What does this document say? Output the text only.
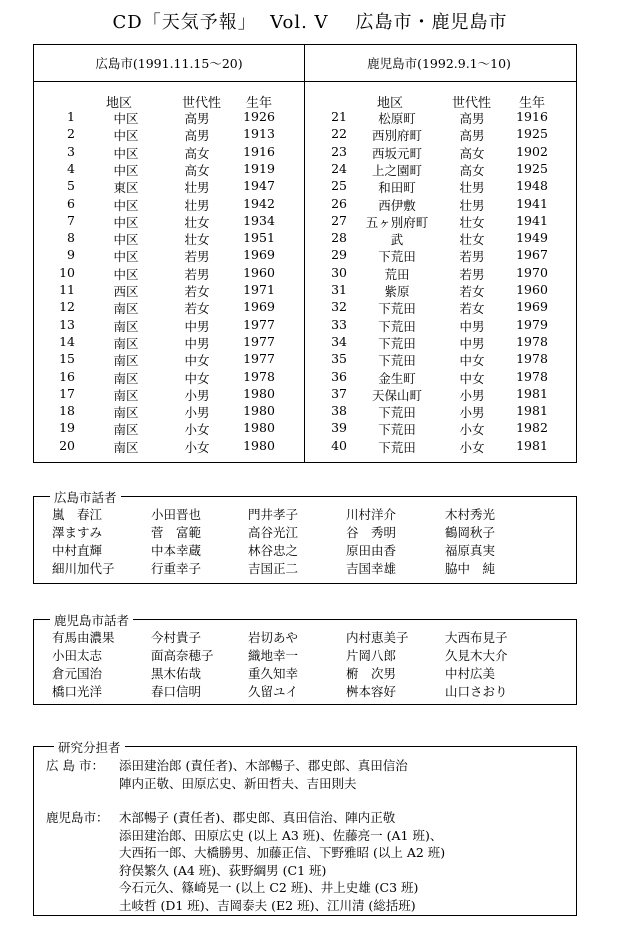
CD「天気予報」  Vol. V    広島市・鹿児島市
広島市(1991.11.15～20)	鹿児島市(1992.9.1～10)
地区	世代性 生年	地区	世代性 生年
1	中区	高男	1926
2	中区	高男	1913
3	中区	高女	1916
4	中区	高女	1919
5	東区	壮男	1947
6	中区	壮男	1942
7	中区	壮女	1934
8	中区	壮女	1951
9	中区	若男	1969
10	中区	若男	1960
11	西区	若女	1971
12	南区	若女	1969
13	南区	中男	1977
14	南区	中男	1977
15	南区	中女	1977
16	南区	中女	1978
17	南区	小男	1980
18	南区	小男	1980
19	南区	小女	1980
20	南区	小女	1980
21	松原町	高男	1916
22	西別府町	高男	1925
23	西坂元町	高女	1902
24	上之園町	高女	1925
25	和田町	壮男	1948
26	西伊敷	壮男	1941
27	五ヶ別府町	壮女	1941
28	武	壮女	1949
29	下荒田	若男	1967
30	荒田	若男	1970
31	紫原	若女	1960
32	下荒田	若女	1969
33	下荒田	中男	1979
34	下荒田	中男	1978
35	下荒田	中女	1978
36	金生町	中女	1978
37	天保山町	小男	1981
38	下荒田	小男	1981
39	下荒田	小女	1982
40	下荒田	小女	1981
広島市話者
嵐　春江	小田晋也	門井孝子	川村洋介	木村秀光
澤ますみ	菅　富範	高谷光江	谷　秀明	鶴岡秋子
中村直輝	中本幸蔵	林谷忠之	原田由香	福原真実
細川加代子	行重幸子	吉国正二	吉国幸雄	脇中　純
鹿児島市話者
有馬由濃果	今村貴子	岩切あや	内村恵美子	大西布見子
小田太志	面高奈穂子	織地幸一	片岡八郎	久見木大介
倉元国治	黒木佑哉	重久知幸	椨　次男	中村広美
橋口光洋	春口信明	久留ユイ	桝本容好	山口さおり
研究分担者
広 島 市： 添田建治郎 (責任者)、木部暢子、郡史郎、真田信治
陣内正敬、田原広史、新田哲夫、吉田則夫
鹿児島市： 木部暢子 (責任者)、郡史郎、真田信治、陣内正敬
添田建治郎、田原広史 (以上 A3 班)、佐藤亮一 (A1 班)、
大西拓一郎、大橋勝男、加藤正信、下野雅昭 (以上 A2 班)
狩俣繁久 (A4 班)、荻野綱男 (C1 班)
今石元久、篠崎晃一 (以上 C2 班)、井上史雄 (C3 班)
土岐哲 (D1 班)、吉岡泰夫 (E2 班)、江川清 (総括班)
